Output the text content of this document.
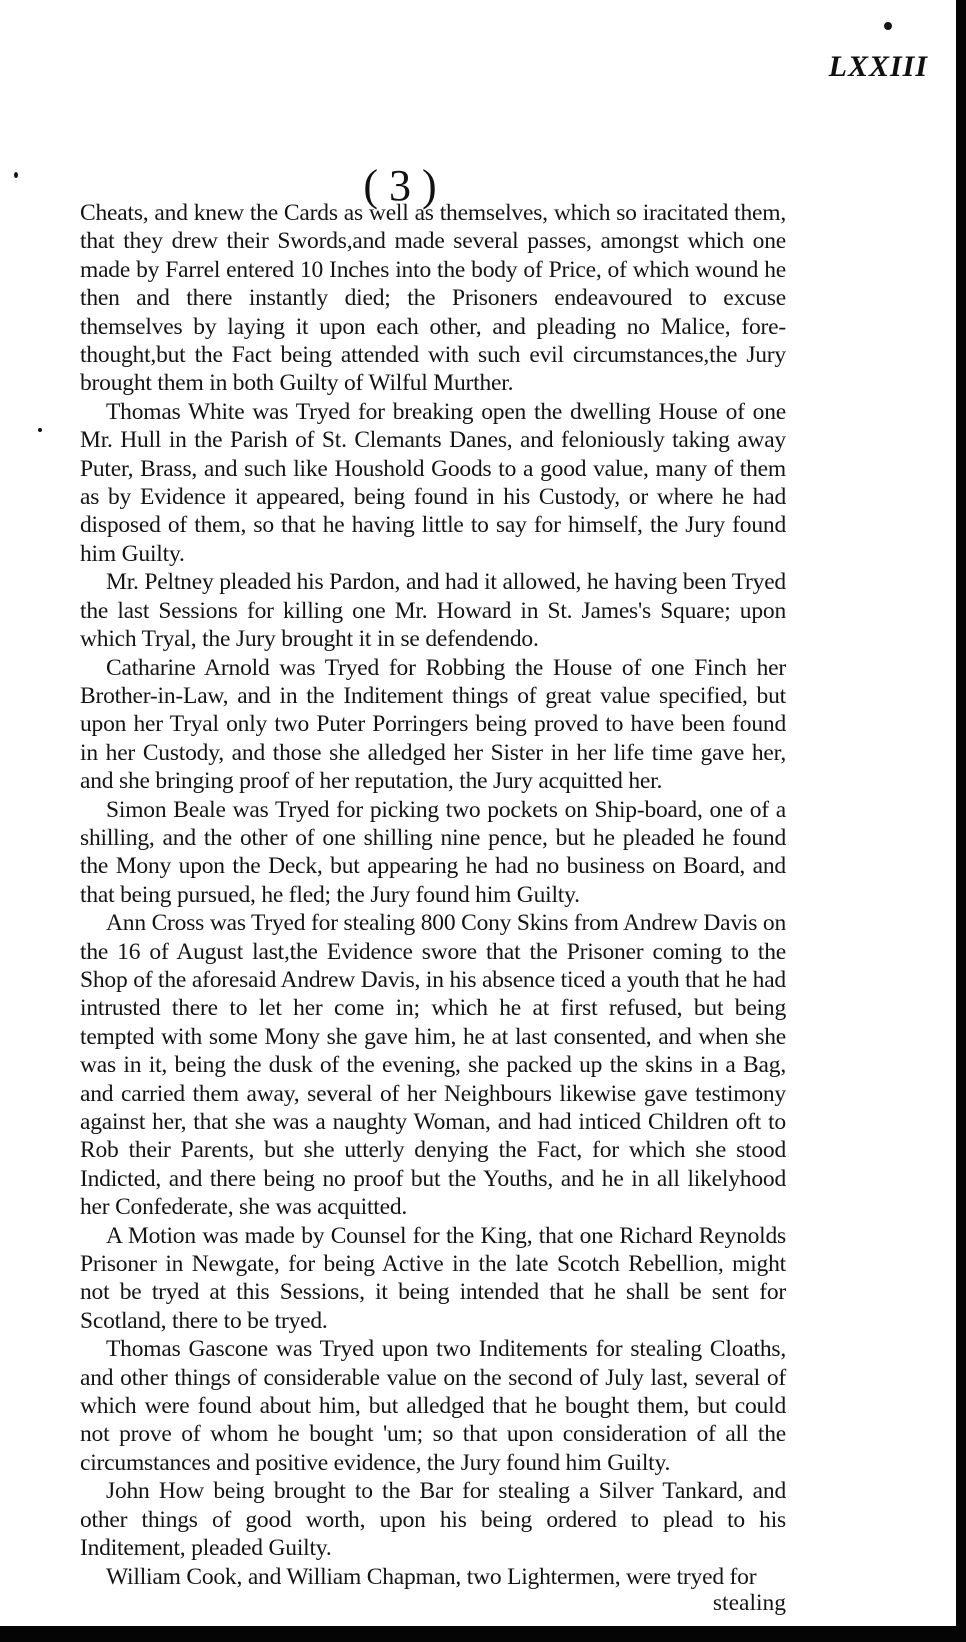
LXXIII
( 3 )

Cheats, and knew the Cards as well as themselves, which so iracitated them, that they drew their Swords,and made several passes, amongst which one made by Farrel entered 10 Inches into the body of Price, of which wound he then and there instantly died; the Prisoners endeavoured to excuse themselves by laying it upon each other, and pleading no Malice, fore-thought,but the Fact being attended with such evil circumstances,the Jury brought them in both Guilty of Wilful Murther.

Thomas White was Tryed for breaking open the dwelling House of one Mr. Hull in the Parish of St. Clemants Danes, and feloniously taking away Puter, Brass, and such like Houshold Goods to a good value, many of them as by Evidence it appeared, being found in his Custody, or where he had disposed of them, so that he having little to say for himself, the Jury found him Guilty.

Mr. Peltney pleaded his Pardon, and had it allowed, he having been Tryed the last Sessions for killing one Mr. Howard in St. James's Square; upon which Tryal, the Jury brought it in se defendendo.

Catharine Arnold was Tryed for Robbing the House of one Finch her Brother-in-Law, and in the Inditement things of great value specified, but upon her Tryal only two Puter Porringers being proved to have been found in her Custody, and those she alledged her Sister in her life time gave her, and she bringing proof of her reputation, the Jury acquitted her.

Simon Beale was Tryed for picking two pockets on Ship-board, one of a shilling, and the other of one shilling nine pence, but he pleaded he found the Mony upon the Deck, but appearing he had no business on Board, and that being pursued, he fled; the Jury found him Guilty.

Ann Cross was Tryed for stealing 800 Cony Skins from Andrew Davis on the 16 of August last,the Evidence swore that the Prisoner coming to the Shop of the aforesaid Andrew Davis, in his absence ticed a youth that he had intrusted there to let her come in; which he at first refused, but being tempted with some Mony she gave him, he at last consented, and when she was in it, being the dusk of the evening, she packed up the skins in a Bag, and carried them away, several of her Neighbours likewise gave testimony against her, that she was a naughty Woman, and had inticed Children oft to Rob their Parents, but she utterly denying the Fact, for which she stood Indicted, and there being no proof but the Youths, and he in all likelyhood her Confederate, she was acquitted.

A Motion was made by Counsel for the King, that one Richard Reynolds Prisoner in Newgate, for being Active in the late Scotch Rebellion, might not be tryed at this Sessions, it being intended that he shall be sent for Scotland, there to be tryed.

Thomas Gascone was Tryed upon two Inditements for stealing Cloaths, and other things of considerable value on the second of July last, several of which were found about him, but alledged that he bought them, but could not prove of whom he bought 'um; so that upon consideration of all the circumstances and positive evidence, the Jury found him Guilty.

John How being brought to the Bar for stealing a Silver Tankard, and other things of good worth, upon his being ordered to plead to his Inditement, pleaded Guilty.

William Cook, and William Chapman, two Lightermen, were tryed for

stealing
